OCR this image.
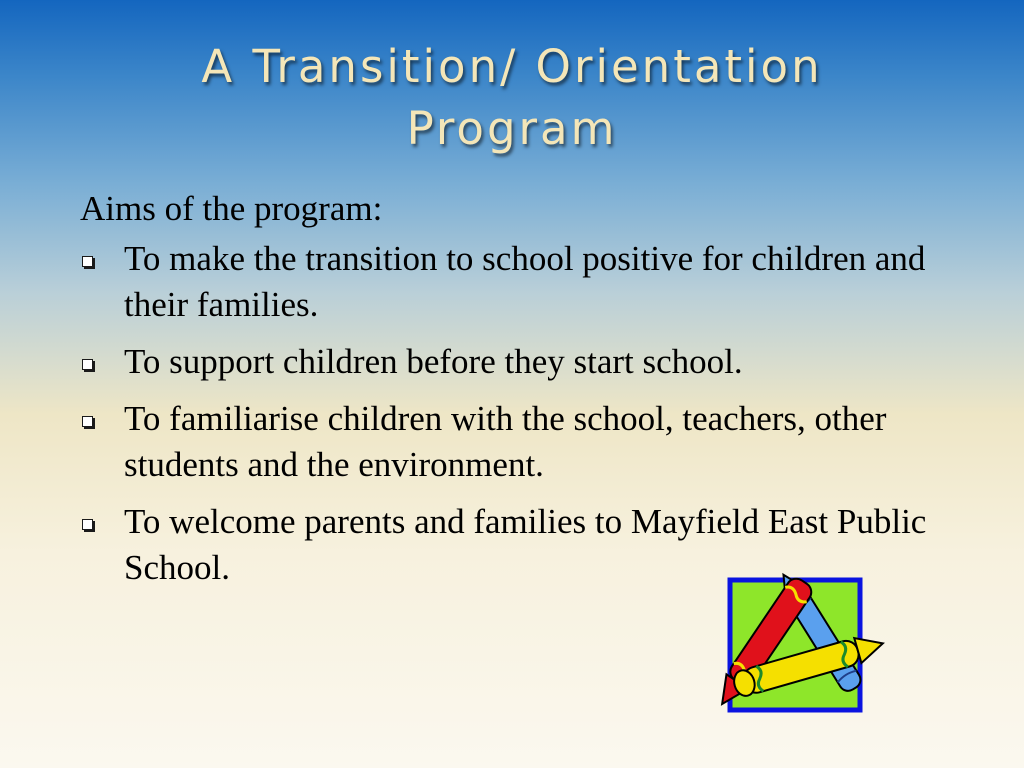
A Transition/ Orientation
Program

Aims of the program:

To make the transition to school positive for children and their families.
To support children before they start school.
To familiarise children with the school, teachers, other students and the environment.
To welcome parents and families to Mayfield East Public School.
